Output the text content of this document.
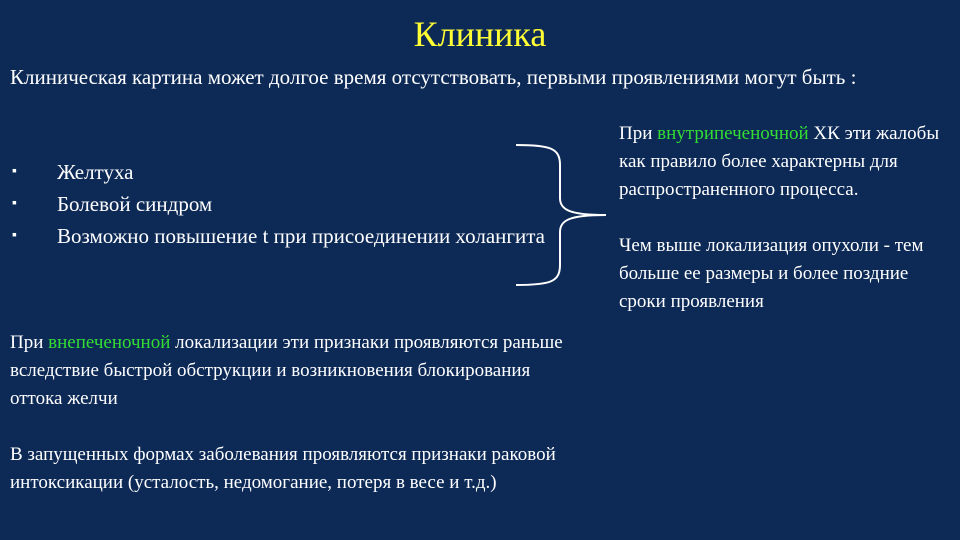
Клиника
Клиническая картина может долгое время отсутствовать, первыми проявлениями могут быть :
▪ Желтуха
▪ Болевой синдром
▪ Возможно повышение t при присоединении холангита

При внутрипеченочной ХК эти жалобы как правило более характерны для распространенного процесса.

Чем выше локализация опухоли - тем больше ее размеры и более поздние сроки проявления

При внепеченочной локализации эти признаки проявляются раньше вследствие быстрой обструкции и возникновения блокирования оттока желчи

В запущенных формах заболевания проявляются признаки раковой интоксикации (усталость, недомогание, потеря в весе и т.д.)
